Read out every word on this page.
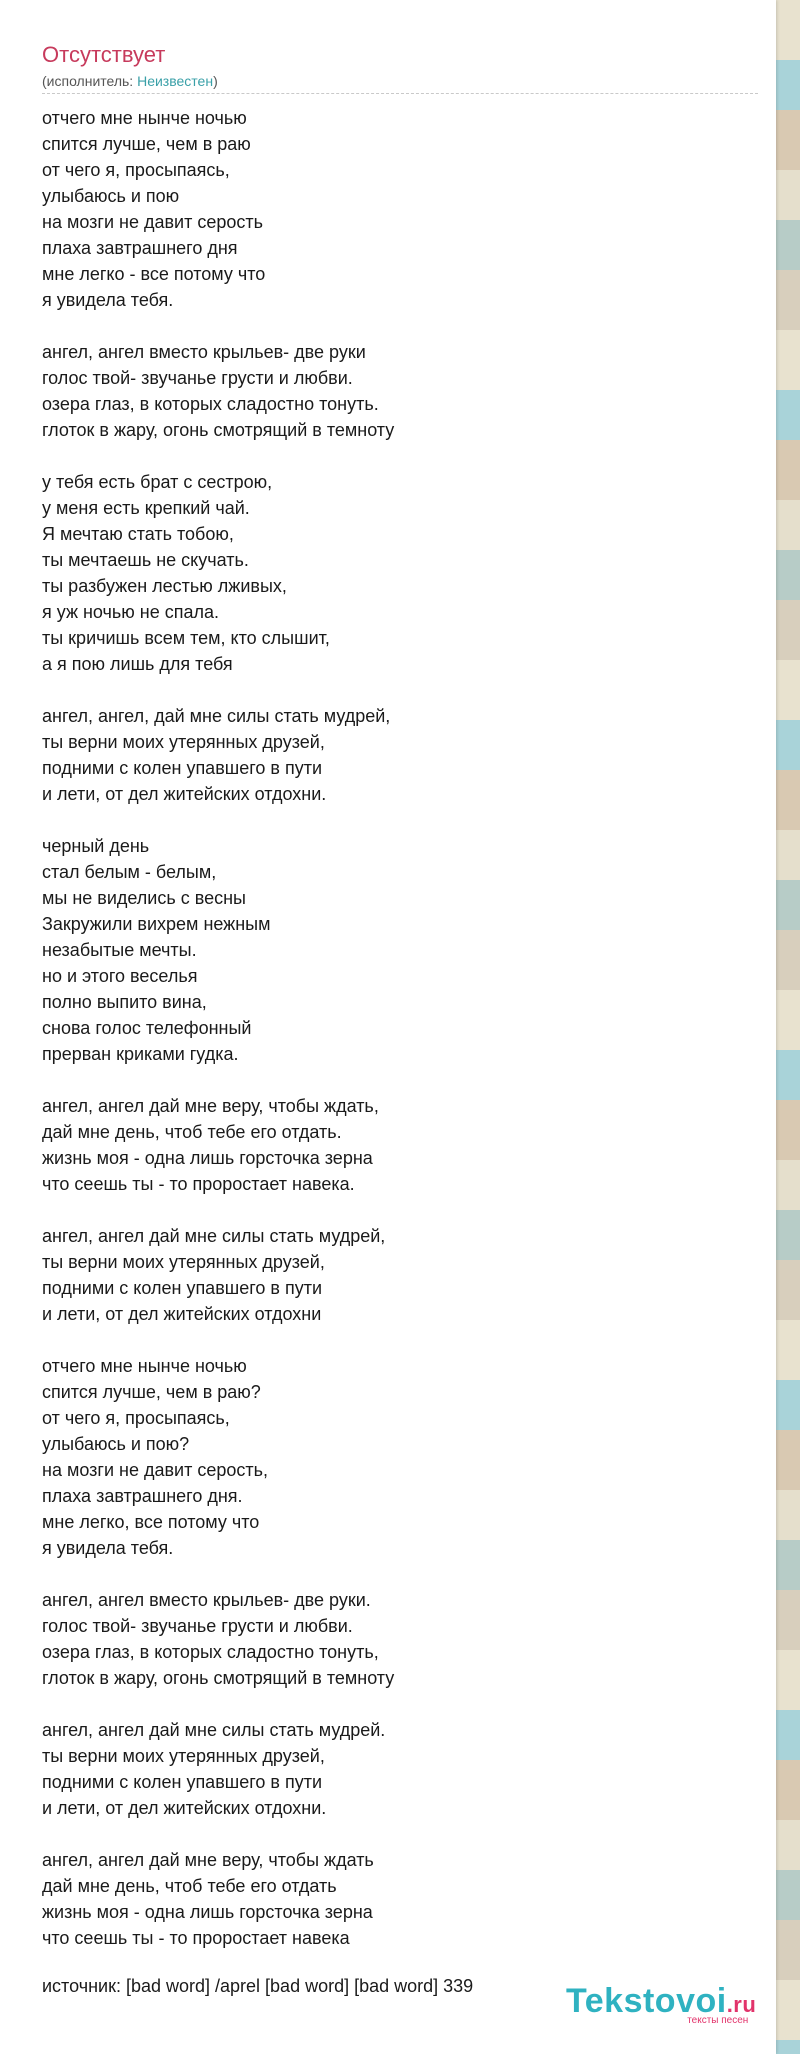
Отсутствует
(исполнитель: Неизвестен)
отчего мне нынче ночью
спится лучше, чем в раю
от чего я, просыпаясь,
улыбаюсь и пою
на мозги не давит серость
плаха завтрашнего дня
мне легко - все потому что
я увидела тебя.
ангел, ангел вместо крыльев- две руки
голос твой- звучанье грусти и любви.
озера глаз, в которых сладостно тонуть.
глоток в жару, огонь смотрящий в темноту
у тебя есть брат с сестрою,
у меня есть крепкий чай.
Я мечтаю стать тобою,
ты мечтаешь не скучать.
ты разбужен лестью лживых,
я уж ночью не спала.
ты кричишь всем тем, кто слышит,
а я пою лишь для тебя
ангел, ангел, дай мне силы стать мудрей,
ты верни моих утерянных друзей,
подними с колен упавшего в пути
и лети, от дел житейских отдохни.
черный день
стал белым - белым,
мы не виделись с весны
Закружили вихрем нежным
незабытые мечты.
но и этого веселья
полно выпито вина,
снова голос телефонный
прерван криками гудка.
ангел, ангел дай мне веру, чтобы ждать,
дай мне день, чтоб тебе его отдать.
жизнь моя - одна лишь горсточка зерна
что сеешь ты - то проростает навека.
ангел, ангел дай мне силы стать мудрей,
ты верни моих утерянных друзей,
подними с колен упавшего в пути
и лети, от дел житейских отдохни
отчего мне нынче ночью
спится лучше, чем в раю?
от чего я, просыпаясь,
улыбаюсь и пою?
на мозги не давит серость,
плаха завтрашнего дня.
мне легко, все потому что
я увидела тебя.
ангел, ангел вместо крыльев- две руки.
голос твой- звучанье грусти и любви.
озера глаз, в которых сладостно тонуть,
глоток в жару, огонь смотрящий в темноту
ангел, ангел дай мне силы стать мудрей.
ты верни моих утерянных друзей,
подними с колен упавшего в пути
и лети, от дел житейских отдохни.
ангел, ангел дай мне веру, чтобы ждать
дай мне день, чтоб тебе его отдать
жизнь моя - одна лишь горсточка зерна
что сеешь ты - то проростает навека
источник: [bad word] /aprel [bad word] [bad word] 339	Tekstovoi.ru
тексты песен
